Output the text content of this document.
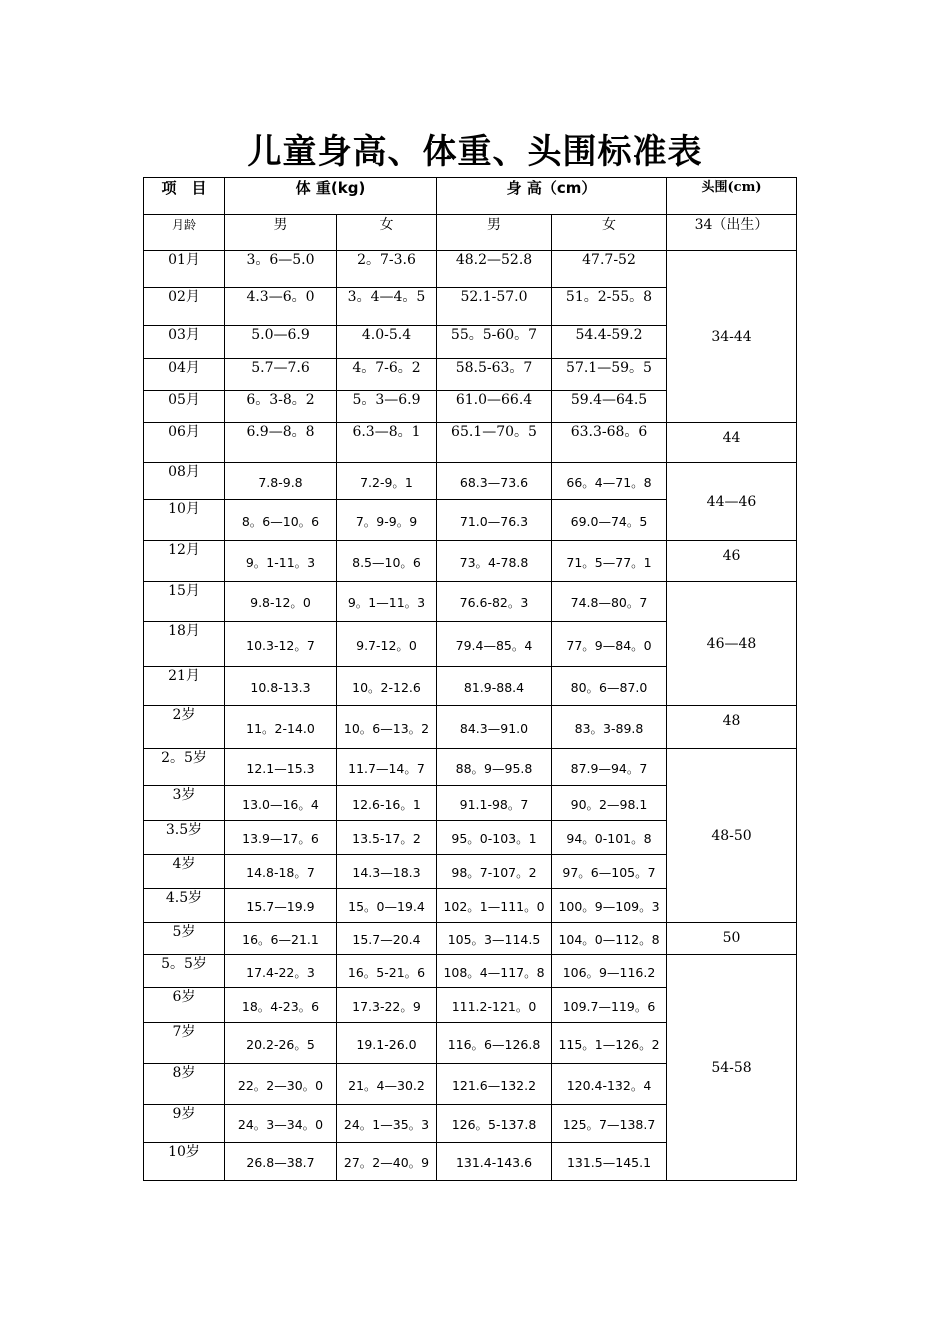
儿童身高、体重、头围标准表
项　目	体 重(kg)		身 高（cm）		头围(cm)
月龄	男	女	男	女	34（出生）
01月	3。6—5.0	2。7-3.6	48.2—52.8	47.7-52	34-44
02月	4.3—6。0	3。4—4。5	52.1-57.0	51。2-55。8	
03月	5.0—6.9	4.0-5.4	55。5-60。7	54.4-59.2	
04月	5.7—7.6	4。7-6。2	58.5-63。7	57.1—59。5	
05月	6。3-8。2	5。3—6.9	61.0—66.4	59.4—64.5	
06月	6.9—8。8	6.3—8。1	65.1—70。5	63.3-68。6	44
08月	7.8-9.8	7.2-9。1	68.3—73.6	66。4—71。8	44—46
10月	8。6—10。6	7。9-9。9	71.0—76.3	69.0—74。5	
12月	9。1-11。3	8.5—10。6	73。4-78.8	71。5—77。1	46
15月	9.8-12。0	9。1—11。3	76.6-82。3	74.8—80。7	46—48
18月	10.3-12。7	9.7-12。0	79.4—85。4	77。9—84。0	
21月	10.8-13.3	10。2-12.6	81.9-88.4	80。6—87.0	
2岁	11。2-14.0	10。6—13。2	84.3—91.0	83。3-89.8	48
2。5岁	12.1—15.3	11.7—14。7	88。9—95.8	87.9—94。7	48-50
3岁	13.0—16。4	12.6-16。1	91.1-98。7	90。2—98.1	
3.5岁	13.9—17。6	13.5-17。2	95。0-103。1	94。0-101。8	
4岁	14.8-18。7	14.3—18.3	98。7-107。2	97。6—105。7	
4.5岁	15.7—19.9	15。0—19.4	102。1—111。0	100。9—109。3	
5岁	16。6—21.1	15.7—20.4	105。3—114.5	104。0—112。8	50
5。5岁	17.4-22。3	16。5-21。6	108。4—117。8	106。9—116.2	54-58
6岁	18。4-23。6	17.3-22。9	111.2-121。0	109.7—119。6	
7岁	20.2-26。5	19.1-26.0	116。6—126.8	115。1—126。2	
8岁	22。2—30。0	21。4—30.2	121.6—132.2	120.4-132。4	
9岁	24。3—34。0	24。1—35。3	126。5-137.8	125。7—138.7	
10岁	26.8—38.7	27。2—40。9	131.4-143.6	131.5—145.1	
